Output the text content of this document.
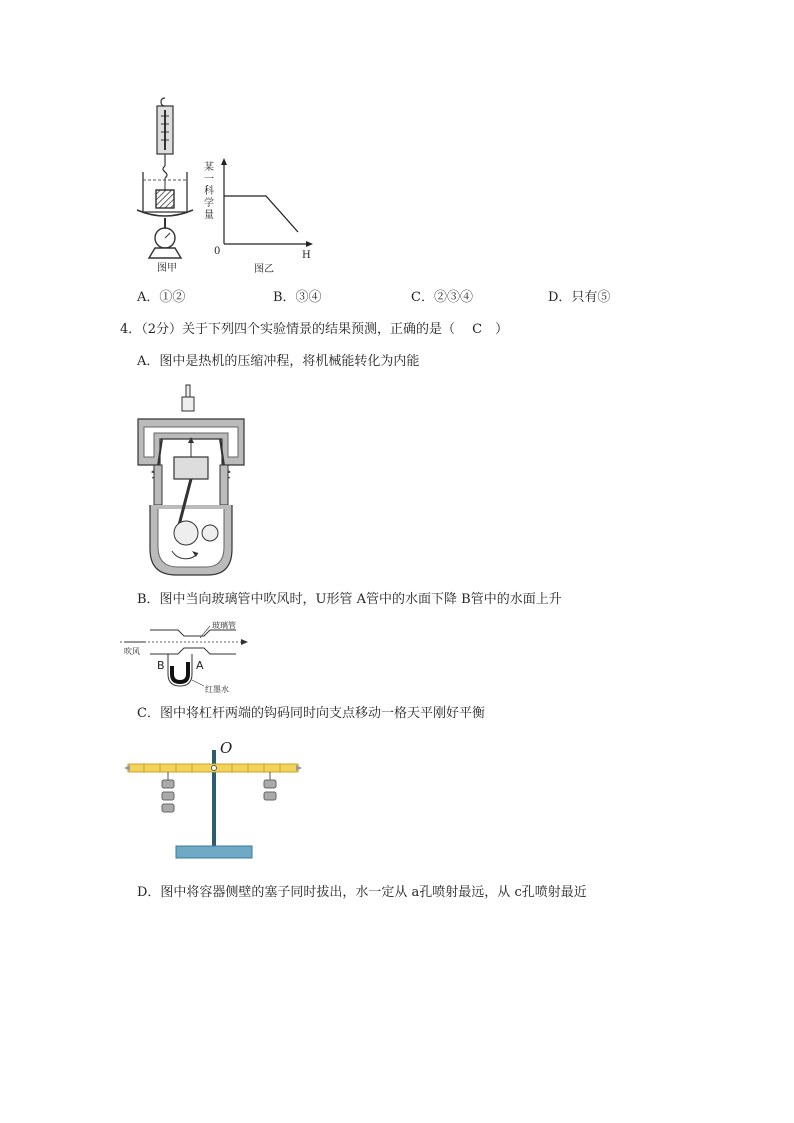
图甲
某
一
科
学
量
0	H
图乙
A．①②	B．③④	C．②③④	D．只有⑤
4．（2分）关于下列四个实验情景的结果预测，正确的是（　 C　）
A．图中是热机的压缩冲程，将机械能转化为内能
B．图中当向玻璃管中吹风时，U形管 A管中的水面下降 B管中的水面上升
玻璃管
吹风
B	A
红墨水
C．图中将杠杆两端的钩码同时向支点移动一格天平刚好平衡
O
D．图中将容器侧壁的塞子同时拔出，水一定从 a孔喷射最远，从 c孔喷射最近
